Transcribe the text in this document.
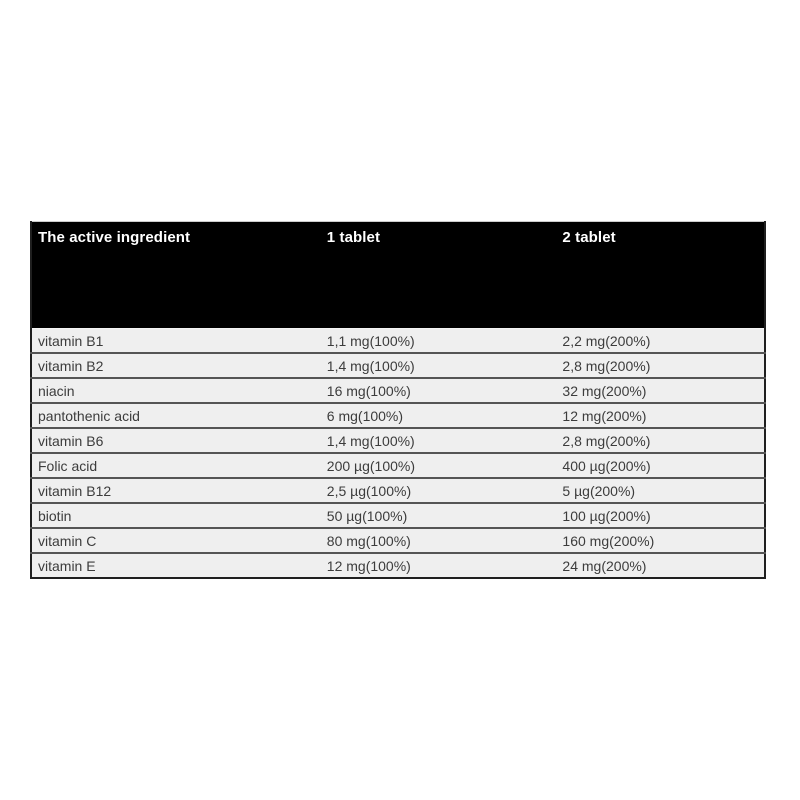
The active ingredient	1 tablet	2 tablet
vitamin B1	1,1 mg(100%)	2,2 mg(200%)
vitamin B2	1,4 mg(100%)	2,8 mg(200%)
niacin	16 mg(100%)	32 mg(200%)
pantothenic acid	6 mg(100%)	12 mg(200%)
vitamin B6	1,4 mg(100%)	2,8 mg(200%)
Folic acid	200 µg(100%)	400 µg(200%)
vitamin B12	2,5 µg(100%)	5 µg(200%)
biotin	50 µg(100%)	100 µg(200%)
vitamin C	80 mg(100%)	160 mg(200%)
vitamin E	12 mg(100%)	24 mg(200%)
